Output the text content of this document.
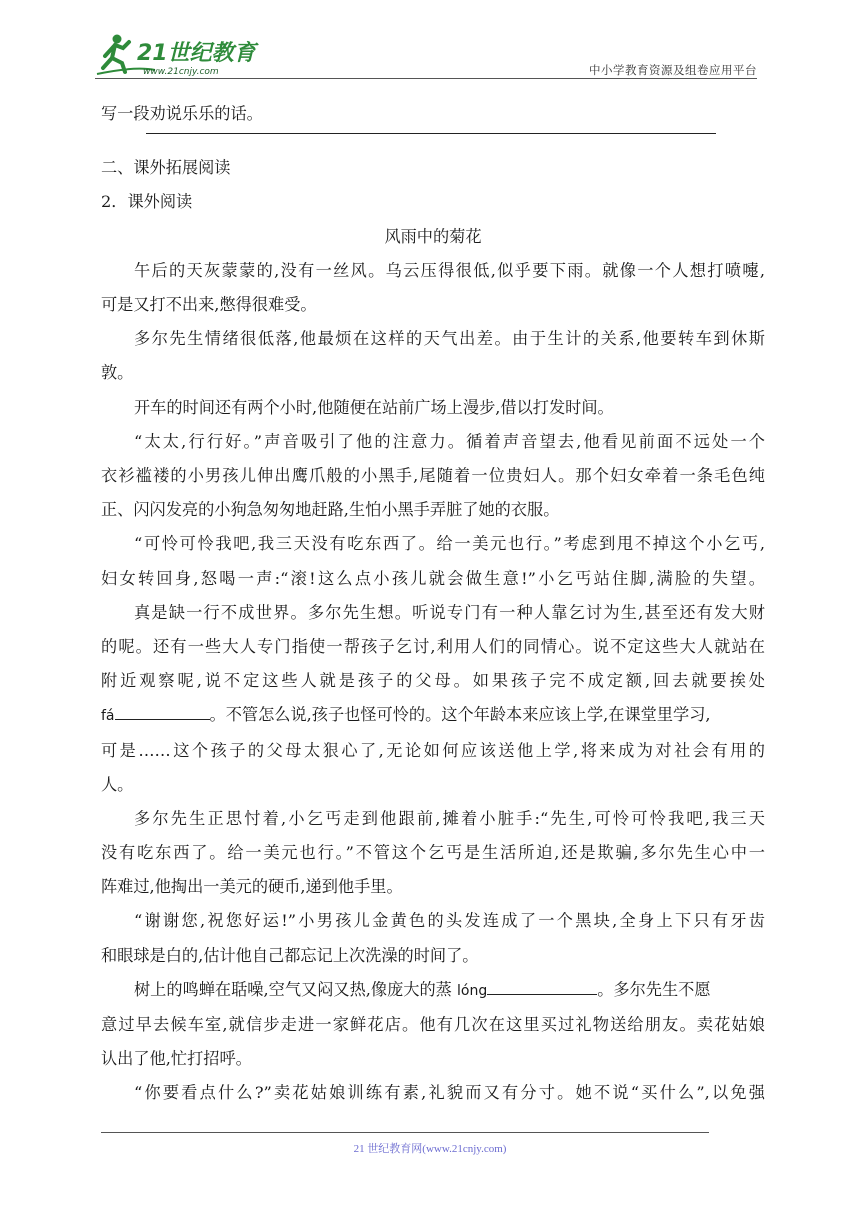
21世纪教育
www.21cnjy.com	中小学教育资源及组卷应用平台
写一段劝说乐乐的话。
二、课外拓展阅读
2．课外阅读
风雨中的菊花
午后的天灰蒙蒙的,没有一丝风。乌云压得很低,似乎要下雨。就像一个人想打喷嚏,
可是又打不出来,憋得很难受。
多尔先生情绪很低落,他最烦在这样的天气出差。由于生计的关系,他要转车到休斯
敦。
开车的时间还有两个小时,他随便在站前广场上漫步,借以打发时间。
“太太,行行好。”声音吸引了他的注意力。循着声音望去,他看见前面不远处一个
衣衫褴褛的小男孩儿伸出鹰爪般的小黑手,尾随着一位贵妇人。那个妇女牵着一条毛色纯
正、闪闪发亮的小狗急匆匆地赶路,生怕小黑手弄脏了她的衣服。
“可怜可怜我吧,我三天没有吃东西了。给一美元也行。”考虑到甩不掉这个小乞丐,
妇女转回身,怒喝一声:“滚!这么点小孩儿就会做生意!”小乞丐站住脚,满脸的失望。
真是缺一行不成世界。多尔先生想。听说专门有一种人靠乞讨为生,甚至还有发大财
的呢。还有一些大人专门指使一帮孩子乞讨,利用人们的同情心。说不定这些大人就站在
附近观察呢,说不定这些人就是孩子的父母。如果孩子完不成定额,回去就要挨处
fá	。不管怎么说,孩子也怪可怜的。这个年龄本来应该上学,在课堂里学习,
可是……这个孩子的父母太狠心了,无论如何应该送他上学,将来成为对社会有用的
人。
多尔先生正思忖着,小乞丐走到他跟前,摊着小脏手:“先生,可怜可怜我吧,我三天
没有吃东西了。给一美元也行。”不管这个乞丐是生活所迫,还是欺骗,多尔先生心中一
阵难过,他掏出一美元的硬币,递到他手里。
“谢谢您,祝您好运!”小男孩儿金黄色的头发连成了一个黑块,全身上下只有牙齿
和眼球是白的,估计他自己都忘记上次洗澡的时间了。
树上的鸣蝉在聒噪,空气又闷又热,像庞大的蒸 lóng	。多尔先生不愿
意过早去候车室,就信步走进一家鲜花店。他有几次在这里买过礼物送给朋友。卖花姑娘
认出了他,忙打招呼。
“你要看点什么?”卖花姑娘训练有素,礼貌而又有分寸。她不说“买什么”,以免强
21 世纪教育网(www.21cnjy.com)
